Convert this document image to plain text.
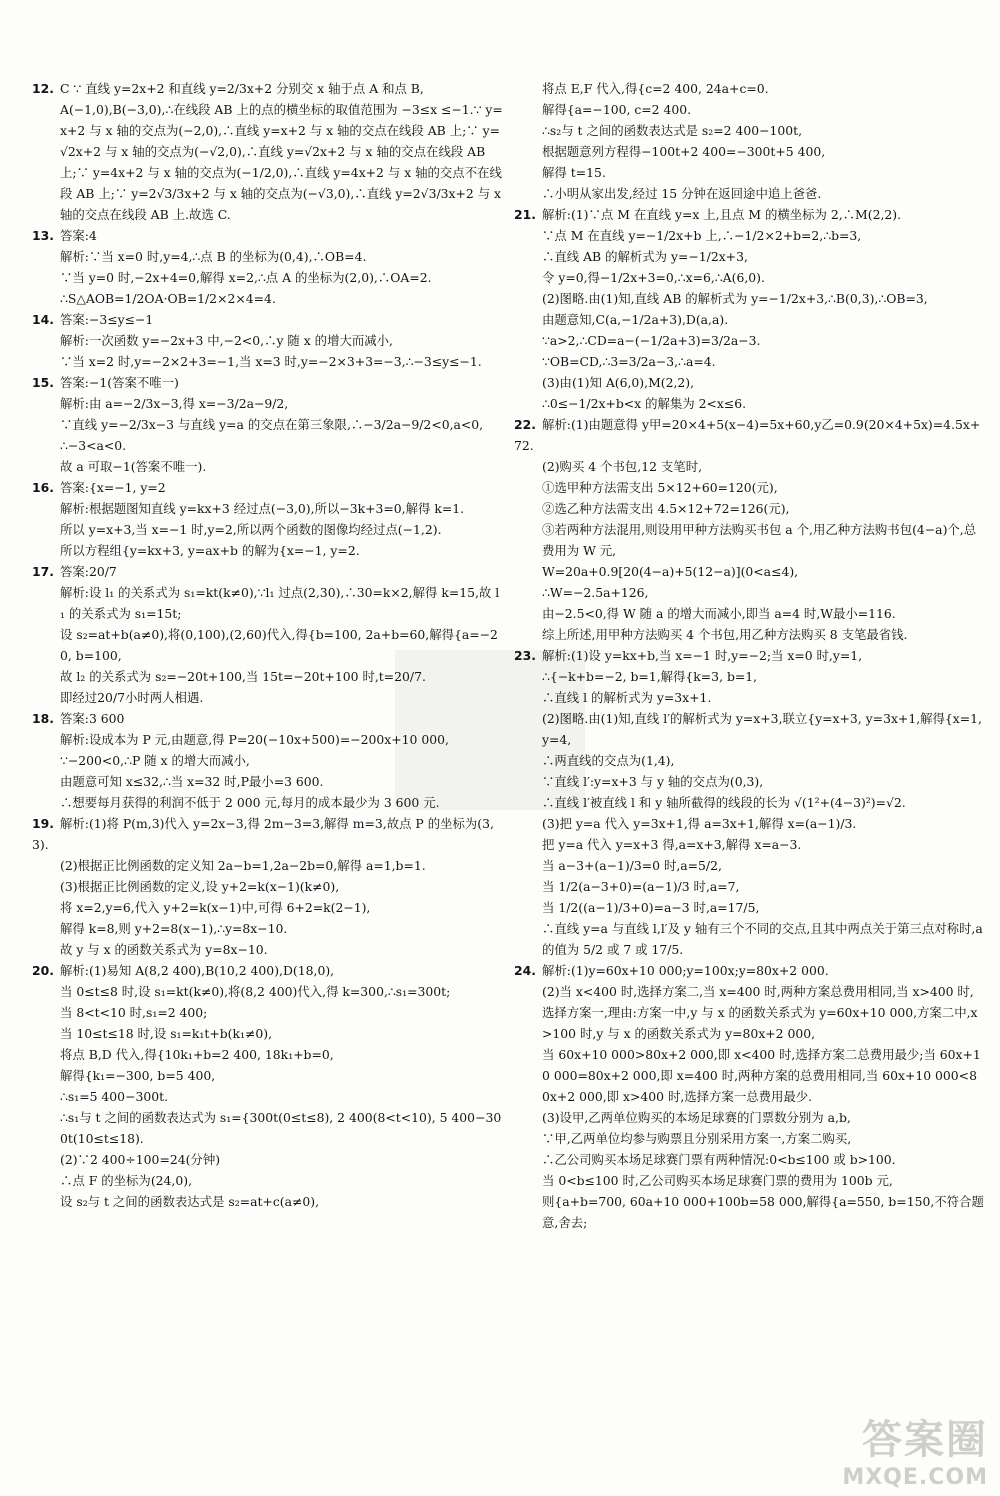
12. C ∵ 直线 y=2x+2 和直线 y=2/3x+2 分别交 x 轴于点 A 和点 B,

A(−1,0),B(−3,0),∴在线段 AB 上的点的横坐标的取值范围为 −3≤x ≤−1.∵ y=x+2 与 x 轴的交点为(−2,0),∴直线 y=x+2 与 x 轴的交点在线段 AB 上;∵ y=√2x+2 与 x 轴的交点为(−√2,0),∴直线 y=√2x+2 与 x 轴的交点在线段 AB 上;∵ y=4x+2 与 x 轴的交点为(−1/2,0),∴直线 y=4x+2 与 x 轴的交点不在线段 AB 上;∵ y=2√3/3x+2 与 x 轴的交点为(−√3,0),∴直线 y=2√3/3x+2 与 x 轴的交点在线段 AB 上.故选 C.

13. 答案:4

解析:∵当 x=0 时,y=4,∴点 B 的坐标为(0,4),∴OB=4.

∵当 y=0 时,−2x+4=0,解得 x=2,∴点 A 的坐标为(2,0),∴OA=2.

∴S△AOB=1/2OA·OB=1/2×2×4=4.

14. 答案:−3≤y≤−1

解析:一次函数 y=−2x+3 中,−2<0,∴y 随 x 的增大而减小,

∵当 x=2 时,y=−2×2+3=−1,当 x=3 时,y=−2×3+3=−3,∴−3≤y≤−1.

15. 答案:−1(答案不唯一)

解析:由 a=−2/3x−3,得 x=−3/2a−9/2,

∵直线 y=−2/3x−3 与直线 y=a 的交点在第三象限,∴−3/2a−9/2<0,a<0,

∴−3<a<0.

故 a 可取−1(答案不唯一).

16. 答案:{x=−1, y=2

解析:根据题图知直线 y=kx+3 经过点(−3,0),所以−3k+3=0,解得 k=1.

所以 y=x+3,当 x=−1 时,y=2,所以两个函数的图像均经过点(−1,2).

所以方程组{y=kx+3, y=ax+b 的解为{x=−1, y=2.

17. 答案:20/7

解析:设 l₁ 的关系式为 s₁=kt(k≠0),∵l₁ 过点(2,30),∴30=k×2,解得 k=15,故 l₁ 的关系式为 s₁=15t;

设 s₂=at+b(a≠0),将(0,100),(2,60)代入,得{b=100, 2a+b=60,解得{a=−20, b=100,

故 l₂ 的关系式为 s₂=−20t+100,当 15t=−20t+100 时,t=20/7.

即经过20/7小时两人相遇.

18. 答案:3 600

解析:设成本为 P 元,由题意,得 P=20(−10x+500)=−200x+10 000,

∵−200<0,∴P 随 x 的增大而减小,

由题意可知 x≤32,∴当 x=32 时,P最小=3 600.

∴想要每月获得的利润不低于 2 000 元,每月的成本最少为 3 600 元.

19. 解析:(1)将 P(m,3)代入 y=2x−3,得 2m−3=3,解得 m=3,故点 P 的坐标为(3,3).

(2)根据正比例函数的定义知 2a−b=1,2a−2b=0,解得 a=1,b=1.

(3)根据正比例函数的定义,设 y+2=k(x−1)(k≠0),

将 x=2,y=6,代入 y+2=k(x−1)中,可得 6+2=k(2−1),

解得 k=8,则 y+2=8(x−1),∴y=8x−10.

故 y 与 x 的函数关系式为 y=8x−10.

20. 解析:(1)易知 A(8,2 400),B(10,2 400),D(18,0),

当 0≤t≤8 时,设 s₁=kt(k≠0),将(8,2 400)代入,得 k=300,∴s₁=300t;

当 8<t<10 时,s₁=2 400;

当 10≤t≤18 时,设 s₁=k₁t+b(k₁≠0),

将点 B,D 代入,得{10k₁+b=2 400, 18k₁+b=0,

解得{k₁=−300, b=5 400,

∴s₁=5 400−300t.

∴s₁与 t 之间的函数表达式为 s₁={300t(0≤t≤8), 2 400(8<t<10), 5 400−300t(10≤t≤18).

(2)∵2 400÷100=24(分钟)

∴点 F 的坐标为(24,0),

设 s₂与 t 之间的函数表达式是 s₂=at+c(a≠0),

将点 E,F 代入,得{c=2 400, 24a+c=0.

解得{a=−100, c=2 400.

∴s₂与 t 之间的函数表达式是 s₂=2 400−100t,

根据题意列方程得−100t+2 400=−300t+5 400,

解得 t=15.

∴小明从家出发,经过 15 分钟在返回途中追上爸爸.

21. 解析:(1)∵点 M 在直线 y=x 上,且点 M 的横坐标为 2,∴M(2,2).

∵点 M 在直线 y=−1/2x+b 上,∴−1/2×2+b=2,∴b=3,

∴直线 AB 的解析式为 y=−1/2x+3,

令 y=0,得−1/2x+3=0,∴x=6,∴A(6,0).

(2)图略.由(1)知,直线 AB 的解析式为 y=−1/2x+3,∴B(0,3),∴OB=3,

由题意知,C(a,−1/2a+3),D(a,a).

∵a>2,∴CD=a−(−1/2a+3)=3/2a−3.

∵OB=CD,∴3=3/2a−3,∴a=4.

(3)由(1)知 A(6,0),M(2,2),

∴0≤−1/2x+b<x 的解集为 2<x≤6.

22. 解析:(1)由题意得 y甲=20×4+5(x−4)=5x+60,y乙=0.9(20×4+5x)=4.5x+72.

(2)购买 4 个书包,12 支笔时,

①选甲种方法需支出 5×12+60=120(元),

②选乙种方法需支出 4.5×12+72=126(元),

③若两种方法混用,则设用甲种方法购买书包 a 个,用乙种方法购书包(4−a)个,总费用为 W 元,

W=20a+0.9[20(4−a)+5(12−a)](0<a≤4),

∴W=−2.5a+126,

由−2.5<0,得 W 随 a 的增大而减小,即当 a=4 时,W最小=116.

综上所述,用甲种方法购买 4 个书包,用乙种方法购买 8 支笔最省钱.

23. 解析:(1)设 y=kx+b,当 x=−1 时,y=−2;当 x=0 时,y=1,

∴{−k+b=−2, b=1,解得{k=3, b=1,

∴直线 l 的解析式为 y=3x+1.

(2)图略.由(1)知,直线 l′的解析式为 y=x+3,联立{y=x+3, y=3x+1,解得{x=1, y=4,

∴两直线的交点为(1,4),

∵直线 l′:y=x+3 与 y 轴的交点为(0,3),

∴直线 l′被直线 l 和 y 轴所截得的线段的长为 √(1²+(4−3)²)=√2.

(3)把 y=a 代入 y=3x+1,得 a=3x+1,解得 x=(a−1)/3.

把 y=a 代入 y=x+3 得,a=x+3,解得 x=a−3.

当 a−3+(a−1)/3=0 时,a=5/2,

当 1/2(a−3+0)=(a−1)/3 时,a=7,

当 1/2((a−1)/3+0)=a−3 时,a=17/5,

∴直线 y=a 与直线 l,l′及 y 轴有三个不同的交点,且其中两点关于第三点对称时,a 的值为 5/2 或 7 或 17/5.

24. 解析:(1)y=60x+10 000;y=100x;y=80x+2 000.

(2)当 x<400 时,选择方案二,当 x=400 时,两种方案总费用相同,当 x>400 时,选择方案一,理由:方案一中,y 与 x 的函数关系式为 y=60x+10 000,方案二中,x>100 时,y 与 x 的函数关系式为 y=80x+2 000,

当 60x+10 000>80x+2 000,即 x<400 时,选择方案二总费用最少;当 60x+10 000=80x+2 000,即 x=400 时,两种方案的总费用相同,当 60x+10 000<80x+2 000,即 x>400 时,选择方案一总费用最少.

(3)设甲,乙两单位购买的本场足球赛的门票数分别为 a,b,

∵甲,乙两单位均参与购票且分别采用方案一,方案二购买,

∴乙公司购买本场足球赛门票有两种情况:0<b≤100 或 b>100.

当 0<b≤100 时,乙公司购买本场足球赛门票的费用为 100b 元,

则{a+b=700, 60a+10 000+100b=58 000,解得{a=550, b=150,不符合题意,舍去;

答案圈
MXQE.COM
